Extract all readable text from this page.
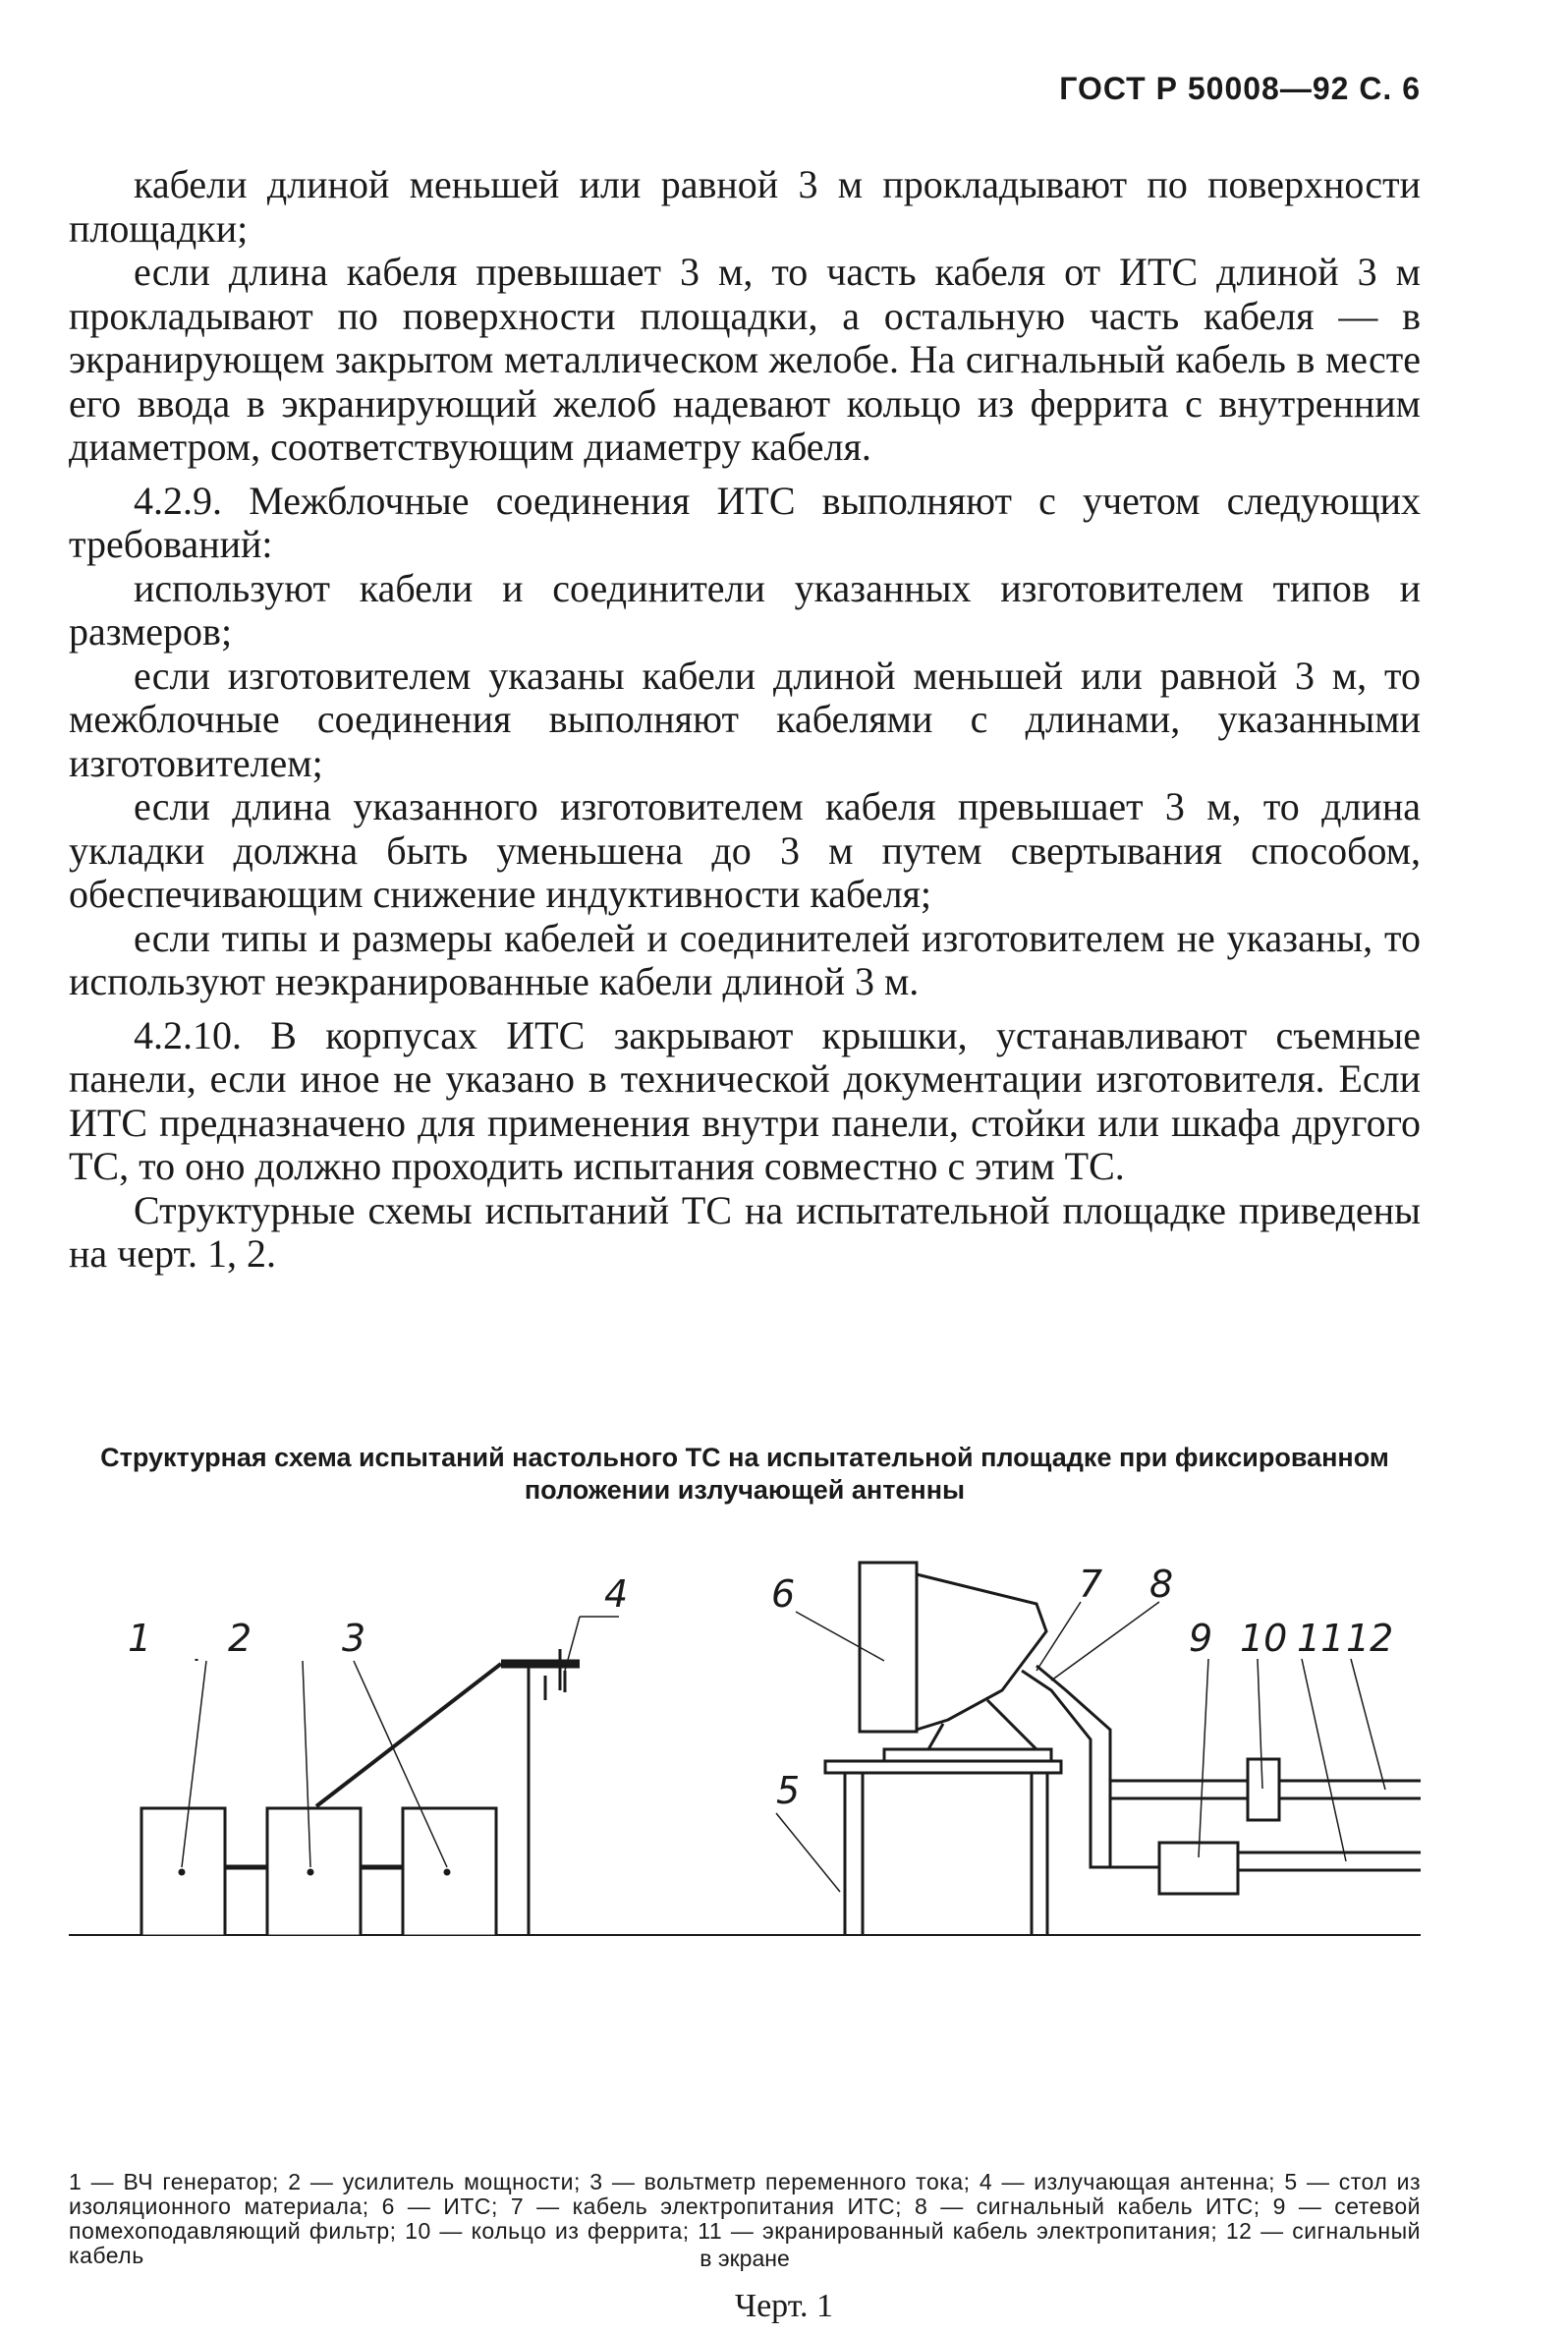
ГОСТ Р 50008—92 С. 6

кабели длиной меньшей или равной 3 м прокладывают по поверхности площадки;

если длина кабеля превышает 3 м, то часть кабеля от ИТС длиной 3 м прокладывают по поверхности площадки, а остальную часть кабеля — в экранирующем закрытом металлическом желобе. На сигнальный кабель в месте его ввода в экранирующий желоб надевают кольцо из феррита с внутренним диаметром, соответствующим диаметру кабеля.

4.2.9. Межблочные соединения ИТС выполняют с учетом следующих требований:

используют кабели и соединители указанных изготовителем типов и размеров;

если изготовителем указаны кабели длиной меньшей или равной 3 м, то межблочные соединения выполняют кабелями с длинами, указанными изготовителем;

если длина указанного изготовителем кабеля превышает 3 м, то длина укладки должна быть уменьшена до 3 м путем свертывания способом, обеспечивающим снижение индуктивности кабеля;

если типы и размеры кабелей и соединителей изготовителем не указаны, то используют неэкранированные кабели длиной 3 м.

4.2.10. В корпусах ИТС закрывают крышки, устанавливают съемные панели, если иное не указано в технической документации изготовителя. Если ИТС предназначено для применения внутри панели, стойки или шкафа другого ТС, то оно должно проходить испытания совместно с этим ТС.

Структурные схемы испытаний ТС на испытательной площадке приведены на черт. 1, 2.

Структурная схема испытаний настольного ТС на испытательной площадке при фиксированном положении излучающей антенны
1 2 3
4
5
6	7 8
9 10 11 12
1 — ВЧ генератор; 2 — усилитель мощности; 3 — вольтметр переменного тока; 4 — излучающая антенна; 5 — стол из изоляционного материала; 6 — ИТС; 7 — кабель электропитания ИТС; 8 — сигнальный кабель ИТС; 9 — сетевой помехоподавляющий фильтр; 10 — кольцо из феррита; 11 — экранированный кабель электропитания; 12 — сигнальный кабель	в экране
Черт. 1
